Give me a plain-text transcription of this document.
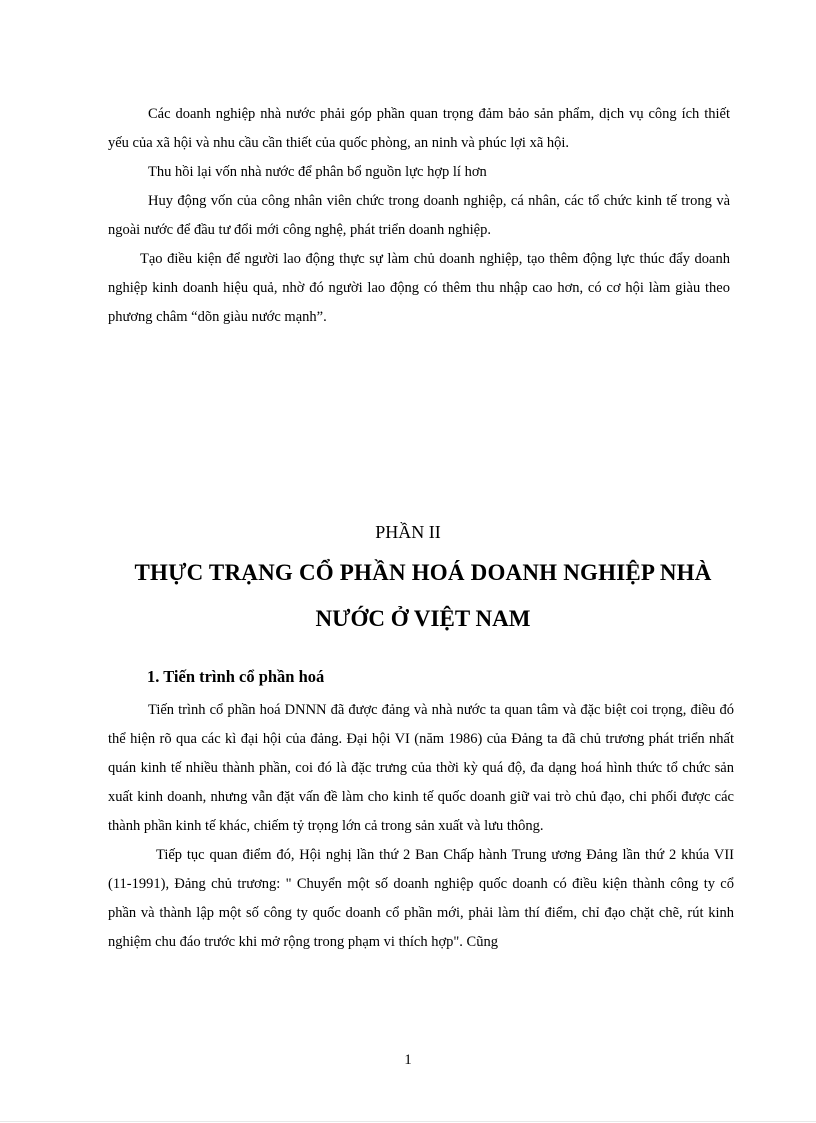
Các doanh nghiệp nhà nước phải góp phần quan trọng đảm bảo sản phẩm, dịch vụ công ích thiết yếu của xã hội và nhu cầu cần thiết của quốc phòng, an ninh và phúc lợi xã hội.

Thu hồi lại vốn nhà nước để phân bổ nguồn lực hợp lí hơn

Huy động vốn của công nhân viên chức trong doanh nghiệp, cá nhân, các tổ chức kinh tế trong và ngoài nước để đầu tư đổi mới công nghệ, phát triển doanh nghiệp.

Tạo điều kiện để người lao động thực sự làm chủ doanh nghiệp, tạo thêm động lực thúc đẩy doanh nghiệp kinh doanh hiệu quả, nhờ đó người lao động có thêm thu nhập cao hơn, có cơ hội làm giàu theo phương châm “dõn giàu nước mạnh”.

PHẦN II
THỰC TRẠNG CỔ PHẦN HOÁ DOANH NGHIỆP NHÀ
NƯỚC Ở VIỆT NAM
1. Tiến trình cổ phần hoá

Tiến trình cổ phần hoá DNNN đã được đảng và nhà nước ta quan tâm và đặc biệt coi trọng, điều đó thể hiện rõ qua các kì đại hội của đảng. Đại hội VI (năm 1986) của Đảng ta đã chủ trương phát triển nhất quán kinh tế nhiều thành phần, coi đó là đặc trưng của thời kỳ quá độ, đa dạng hoá hình thức tổ chức sản xuất kinh doanh, nhưng vẫn đặt vấn đề làm cho kinh tế quốc doanh giữ vai trò chủ đạo, chi phối được các thành phần kinh tế khác, chiếm tỷ trọng lớn cả trong sản xuất và lưu thông.

Tiếp tục quan điểm đó, Hội nghị lần thứ 2 Ban Chấp hành Trung ương Đảng lần thứ 2 khúa VII (11-1991), Đảng chủ trương: " Chuyển một số doanh nghiệp quốc doanh có điều kiện thành công ty cổ phần và thành lập một số công ty quốc doanh cổ phần mới, phải làm thí điểm, chỉ đạo chặt chẽ, rút kinh nghiệm chu đáo trước khi mở rộng trong phạm vi thích hợp". Cũng

1
